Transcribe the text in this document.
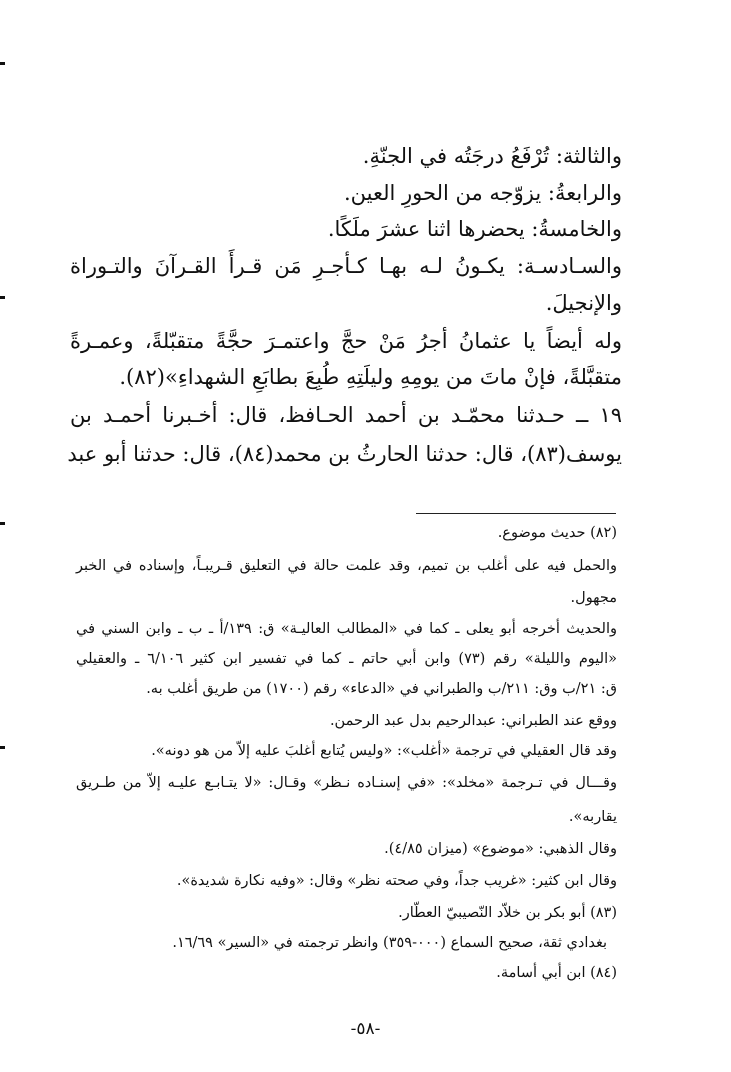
والثالثة: تُرْفَعُ درجَتُه في الجنّةِ.
والرابعةُ: يزوّجه من الحورِ العين.
والخامسةُ: يحضرها اثنا عشرَ ملَكًا.
والسـادسـة: يكـونُ لـه بهـا كـأجـرِ مَن قـرأَ القـرآنَ والتـوراة
والإنجيلَ.
وله أيضاً يا عثمانُ أجرُ مَنْ حجَّ واعتمـرَ حجَّةً متقبّلةً، وعمـرةً
متقبَّلةً، فإنْ ماتَ من يومِهِ وليلَتِهِ طُبِعَ بطابَعِ الشهداءِ»(٨٢).
١٩ ــ حـدثنا محمّـد بن أحمد الحـافظ، قال: أخـبرنا أحمـد بن
يوسف(٨٣)، قال: حدثنا الحارثُ بن محمد(٨٤)، قال: حدثنا أبو عبد
(٨٢) حديث موضوع.
والحمل فيه على أغلب بن تميم، وقد علمت حالة في التعليق قـريبـاً، وإسناده في الخبر
مجهول.
والحديث أخرجه أبو يعلى ـ كما في «المطالب العاليـة» ق: ١٣٩/أ ـ ب ـ وابن السني في
«اليوم والليلة» رقم (٧٣) وابن أبي حاتم ـ كما في تفسير ابن كثير ٦/١٠٦ ـ والعقيلي
ق: ٢١/ب وق: ٢١١/ب والطبراني في «الدعاء» رقم (١٧٠٠) من طريق أغلب به.
ووقع عند الطبراني: عبدالرحيم بدل عبد الرحمن.
وقد قال العقيلي في ترجمة «أغلب»: «وليس يُتابع أغلبَ عليه إلاّ من هو دونه».
وقـــال في تـرجمة «مخلد»: «في إسنـاده نـظر» وقـال: «لا يتـابـع عليـه إلاّ من طـريق
يقاربه».
وقال الذهبي: «موضوع» (ميزان ٤/٨٥).
وقال ابن كثير: «غريب جداً، وفي صحته نظر» وقال: «وفيه نكارة شديدة».
(٨٣) أبو بكر بن خلاّد النّصيبيّ العطّار.
بغدادي ثقة، صحيح السماع (٠٠٠-٣٥٩) وانظر ترجمته في «السير» ١٦/٦٩.
(٨٤) ابن أبي أسامة.
-٥٨-
